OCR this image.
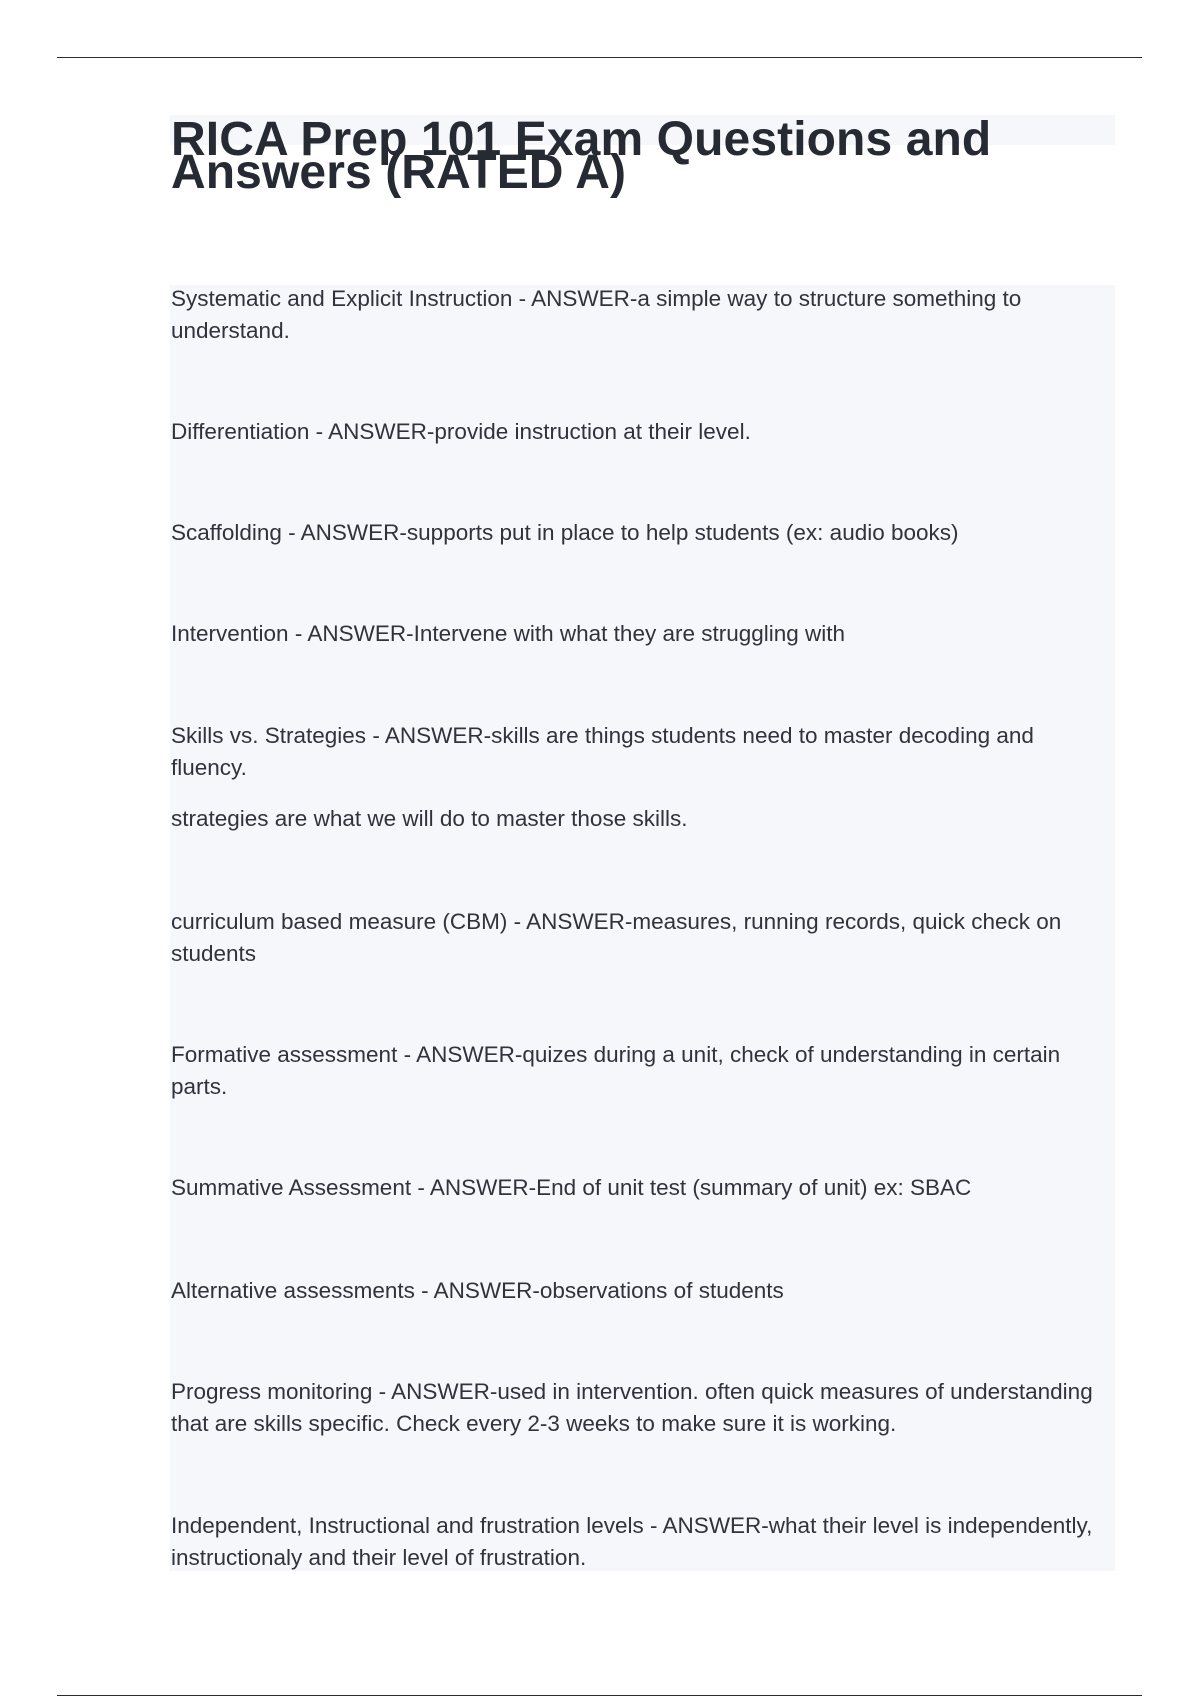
RICA Prep 101 Exam Questions and Answers (RATED A)

Systematic and Explicit Instruction - ANSWER-a simple way to structure something to understand.

Differentiation - ANSWER-provide instruction at their level.

Scaffolding - ANSWER-supports put in place to help students (ex: audio books)

Intervention - ANSWER-Intervene with what they are struggling with

Skills vs. Strategies - ANSWER-skills are things students need to master decoding and fluency.

strategies are what we will do to master those skills.

curriculum based measure (CBM) - ANSWER-measures, running records, quick check on students

Formative assessment - ANSWER-quizes during a unit, check of understanding in certain parts.

Summative Assessment - ANSWER-End of unit test (summary of unit) ex: SBAC

Alternative assessments - ANSWER-observations of students

Progress monitoring - ANSWER-used in intervention. often quick measures of understanding that are skills specific. Check every 2-3 weeks to make sure it is working.

Independent, Instructional and frustration levels - ANSWER-what their level is independently, instructionaly and their level of frustration.
